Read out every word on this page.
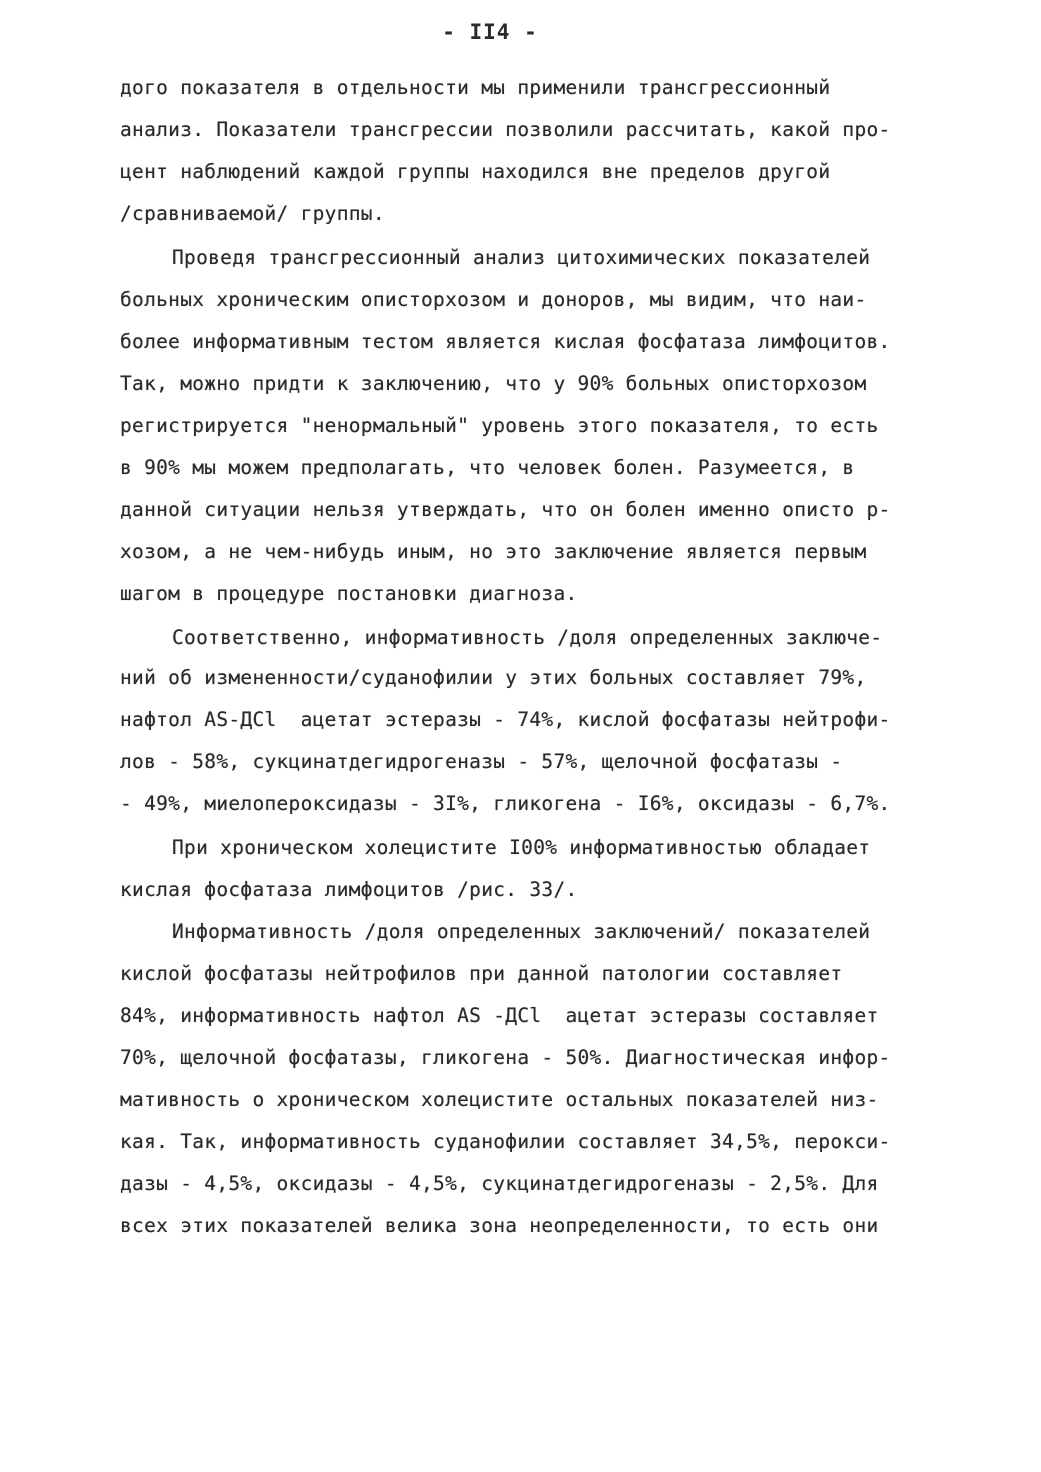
- II4 -
дого показателя в отдельности мы применили трансгрессионный
анализ. Показатели трансгрессии позволили рассчитать, какой про-
цент наблюдений каждой группы находился вне пределов другой
/сравниваемой/ группы.
Проведя трансгрессионный анализ цитохимических показателей
больных хроническим описторхозом и доноров, мы видим, что наи-
более информативным тестом является кислая фосфатаза лимфоцитов.
Так, можно придти к заключению, что у 90% больных описторхозом
регистрируется "ненормальный" уровень этого показателя, то есть
в 90% мы можем предполагать, что человек болен. Разумеется, в
данной ситуации нельзя утверждать, что он болен именно описто р-
хозом, а не чем-нибудь иным, но это заключение является первым
шагом в процедуре постановки диагноза.
Соответственно, информативность /доля определенных заключе-
ний об измененности/суданофилии у этих больных составляет 79%,
нафтол AS-ДCl  ацетат эстеразы - 74%, кислой фосфатазы нейтрофи-
лов - 58%, сукцинатдегидрогеназы - 57%, щелочной фосфатазы -
- 49%, миелопероксидазы - 3I%, гликогена - I6%, оксидазы - 6,7%.
При хроническом холецистите I00% информативностью обладает
кислая фосфатаза лимфоцитов /рис. 33/.
Информативность /доля определенных заключений/ показателей
кислой фосфатазы нейтрофилов при данной патологии составляет
84%, информативность нафтол AS -ДCl  ацетат эстеразы составляет
70%, щелочной фосфатазы, гликогена - 50%. Диагностическая инфор-
мативность о хроническом холецистите остальных показателей низ-
кая. Так, информативность суданофилии составляет 34,5%, перокси-
дазы - 4,5%, оксидазы - 4,5%, сукцинатдегидрогеназы - 2,5%. Для
всех этих показателей велика зона неопределенности, то есть они
